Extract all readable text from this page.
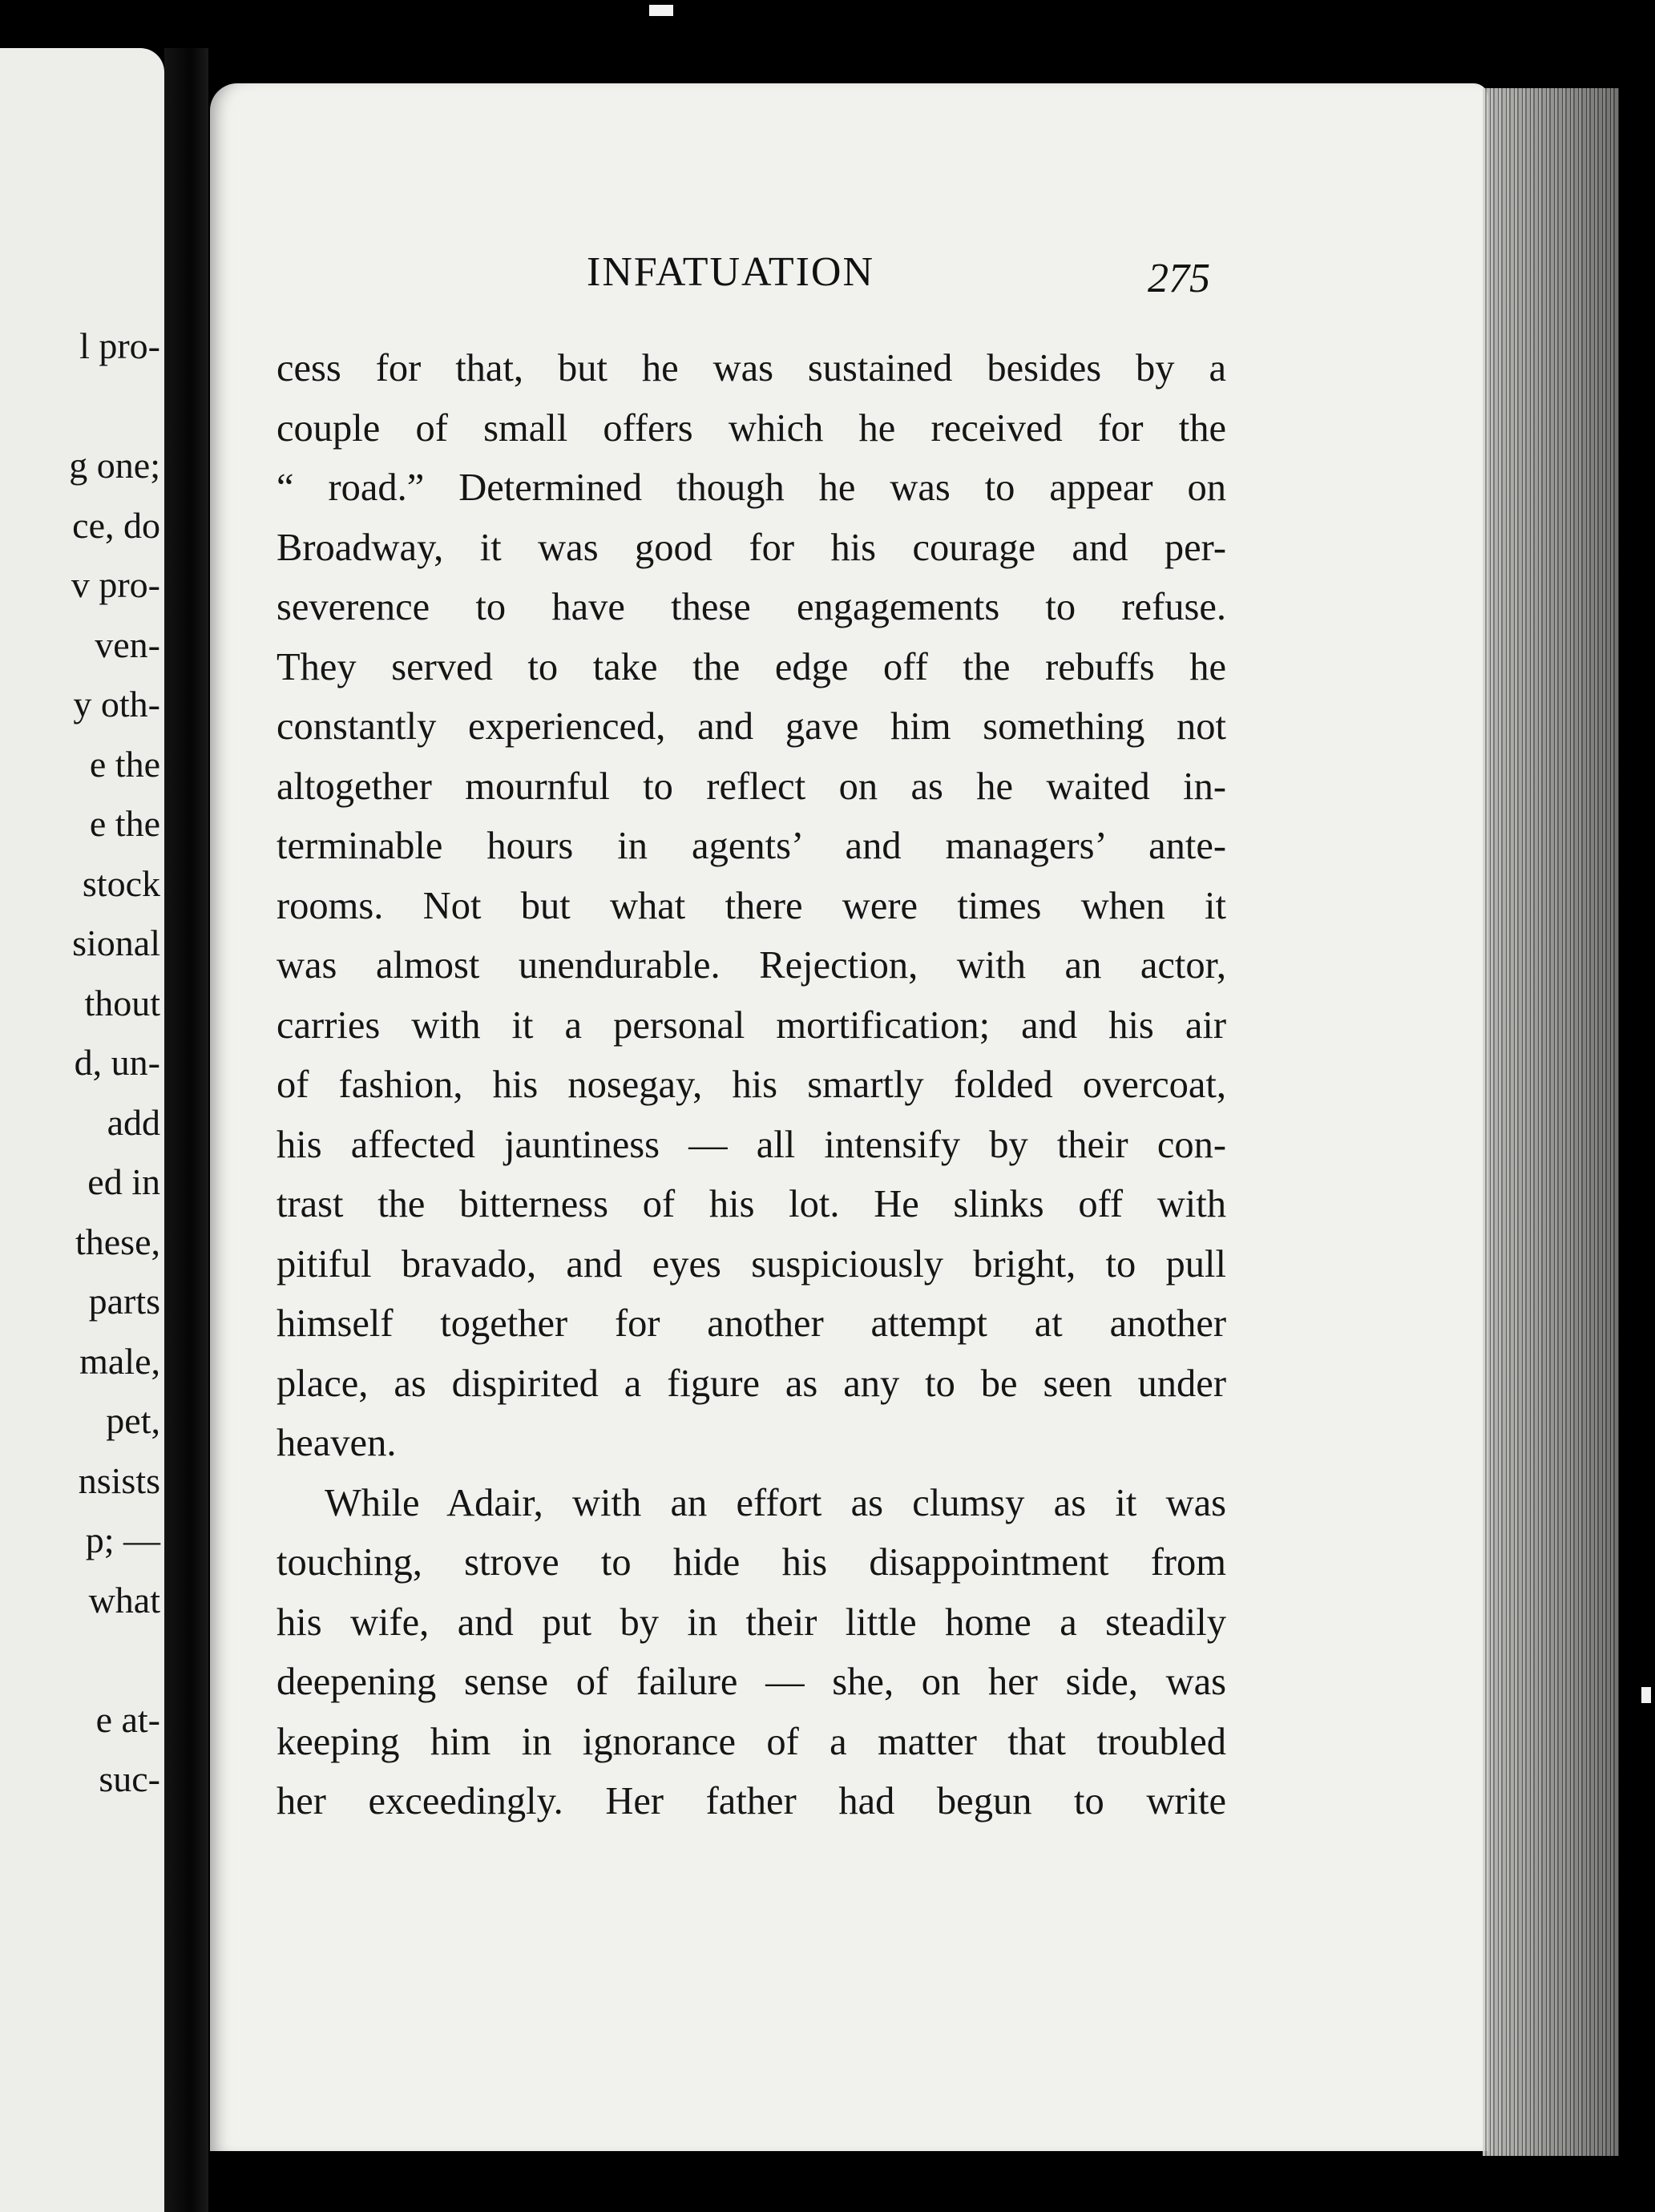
l pro-
g one;
ce, do
v pro-
ven-
y oth-
e the
e the
stock
sional
thout
d, un-
add
ed in
these,
parts
male,
pet,
nsists
p; —
what
e at-
suc-
INFATUATION	275
cess for that, but he was sustained besides by a
couple of small offers which he received for the
“ road.” Determined though he was to appear on
Broadway, it was good for his courage and per-
severence to have these engagements to refuse.
They served to take the edge off the rebuffs he
constantly experienced, and gave him something not
altogether mournful to reflect on as he waited in-
terminable hours in agents’ and managers’ ante-
rooms. Not but what there were times when it
was almost unendurable. Rejection, with an actor,
carries with it a personal mortification; and his air
of fashion, his nosegay, his smartly folded overcoat,
his affected jauntiness — all intensify by their con-
trast the bitterness of his lot. He slinks off with
pitiful bravado, and eyes suspiciously bright, to pull
himself together for another attempt at another
place, as dispirited a figure as any to be seen under
heaven.
While Adair, with an effort as clumsy as it was
touching, strove to hide his disappointment from
his wife, and put by in their little home a steadily
deepening sense of failure — she, on her side, was
keeping him in ignorance of a matter that troubled
her exceedingly. Her father had begun to write
